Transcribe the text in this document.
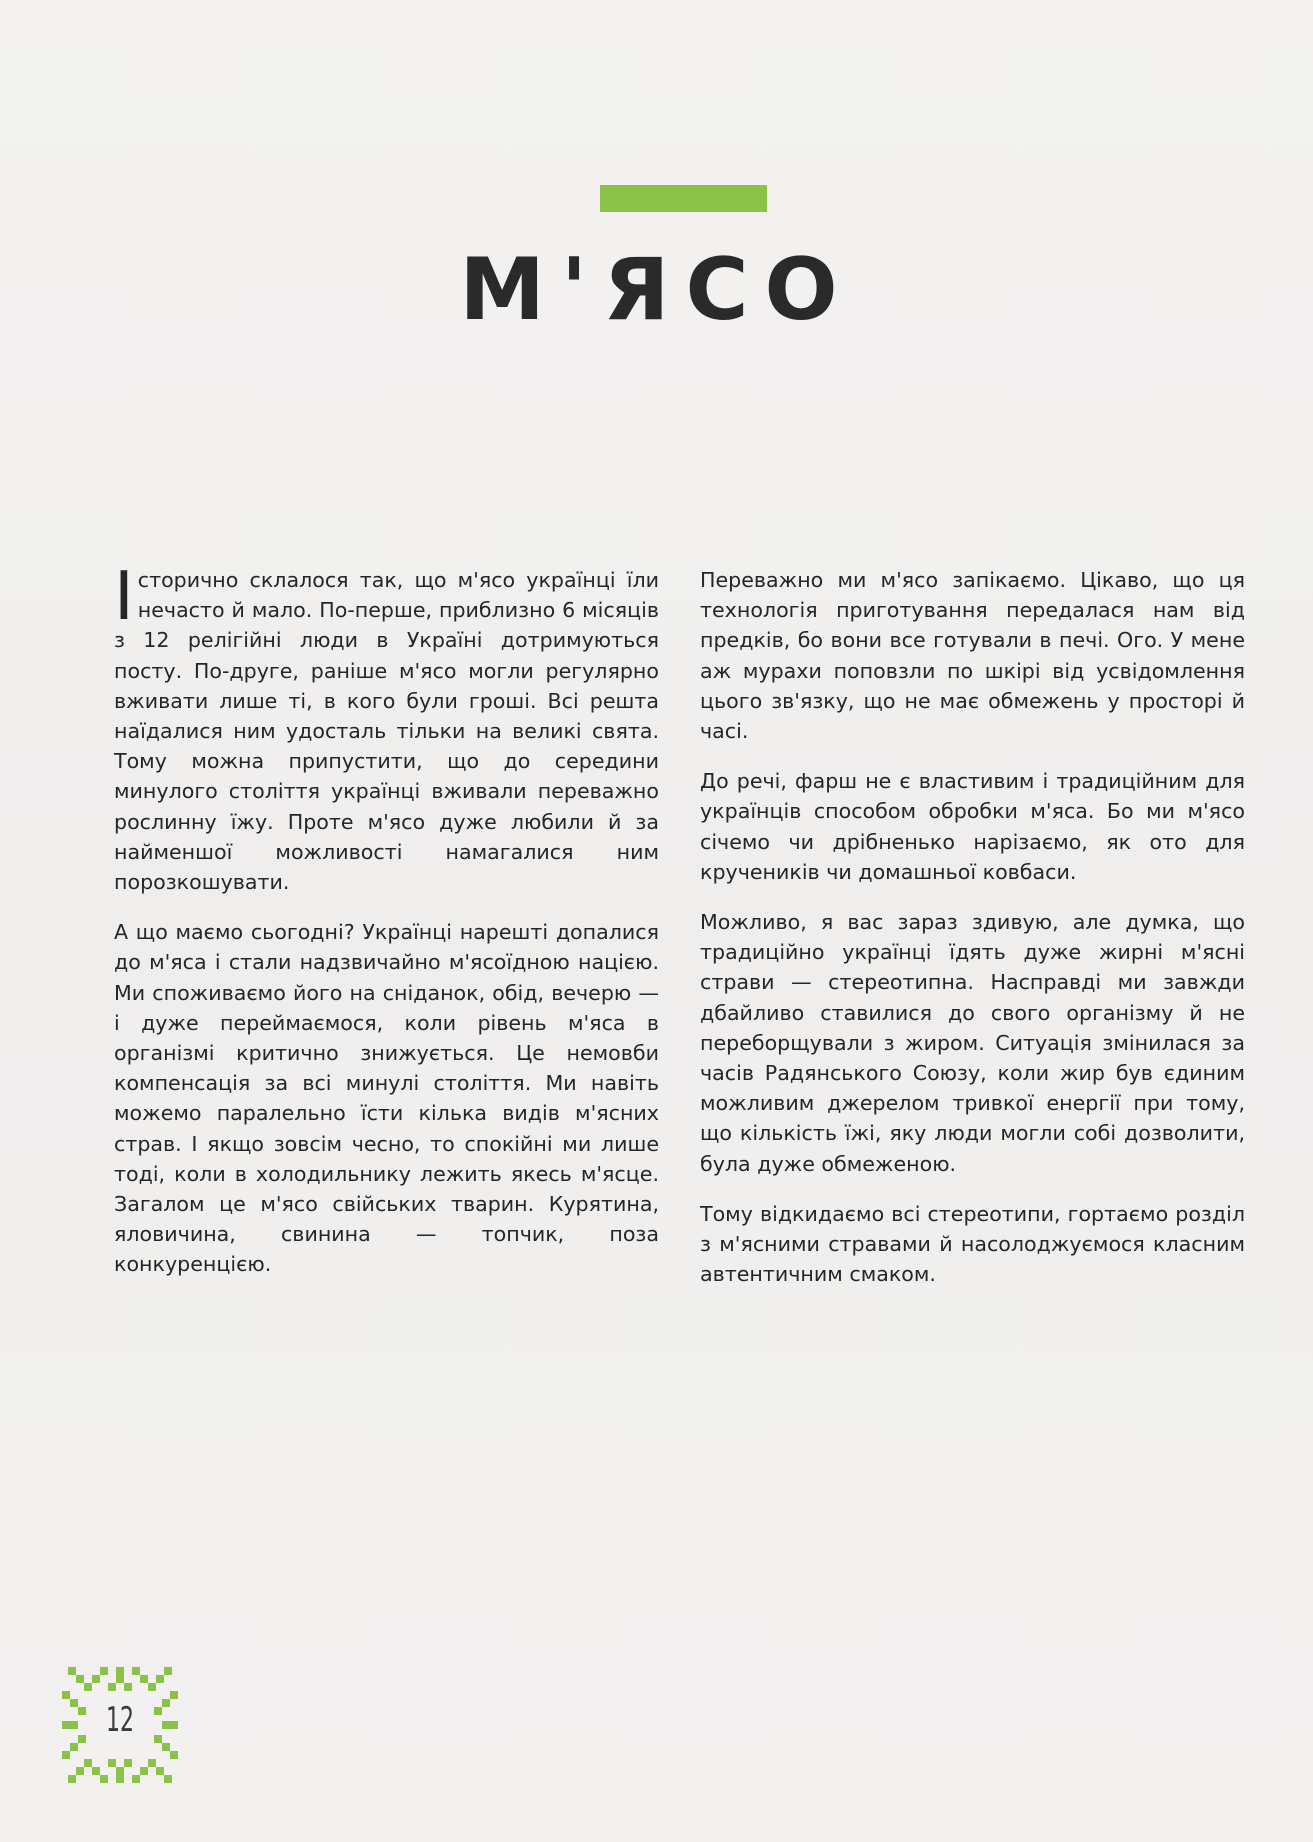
М'ЯСО

Історично склалося так, що м'ясо українці їли нечасто й мало. По-перше, приблизно 6 місяців з 12 релігійні люди в Україні дотримуються посту. По-друге, раніше м'ясо могли регулярно вживати лише ті, в кого були гроші. Всі решта наїдалися ним удосталь тільки на великі свята. Тому можна припустити, що до середини минулого століття українці вживали переважно рослинну їжу. Проте м'ясо дуже любили й за найменшої можливості намагалися ним порозкошувати.

А що маємо сьогодні? Українці нарешті допалися до м'яса і стали надзвичайно м'ясоїдною нацією. Ми споживаємо його на сніданок, обід, вечерю — і дуже переймаємося, коли рівень м'яса в організмі критично знижується. Це немовби компенсація за всі минулі століття. Ми навіть можемо паралельно їсти кілька видів м'ясних страв. І якщо зовсім чесно, то спокійні ми лише тоді, коли в холодильнику лежить якесь м'ясце. Загалом це м'ясо свійських тварин. Курятина, яловичина, свинина — топчик, поза конкуренцією.

Переважно ми м'ясо запікаємо. Цікаво, що ця технологія приготування передалася нам від предків, бо вони все готували в печі. Ого. У мене аж мурахи поповзли по шкірі від усвідомлення цього зв'язку, що не має обмежень у просторі й часі.

До речі, фарш не є властивим і традиційним для українців способом обробки м'яса. Бо ми м'ясо січемо чи дрібненько нарізаємо, як ото для кручеників чи домашньої ковбаси.

Можливо, я вас зараз здивую, але думка, що традиційно українці їдять дуже жирні м'ясні страви — стереотипна. Насправді ми завжди дбайливо ставилися до свого організму й не переборщували з жиром. Ситуація змінилася за часів Радянського Союзу, коли жир був єдиним можливим джерелом тривкої енергії при тому, що кількість їжі, яку люди могли собі дозволити, була дуже обмеженою.

Тому відкидаємо всі стереотипи, гортаємо розділ з м'ясними стравами й насолоджуємося класним автентичним смаком.

12
